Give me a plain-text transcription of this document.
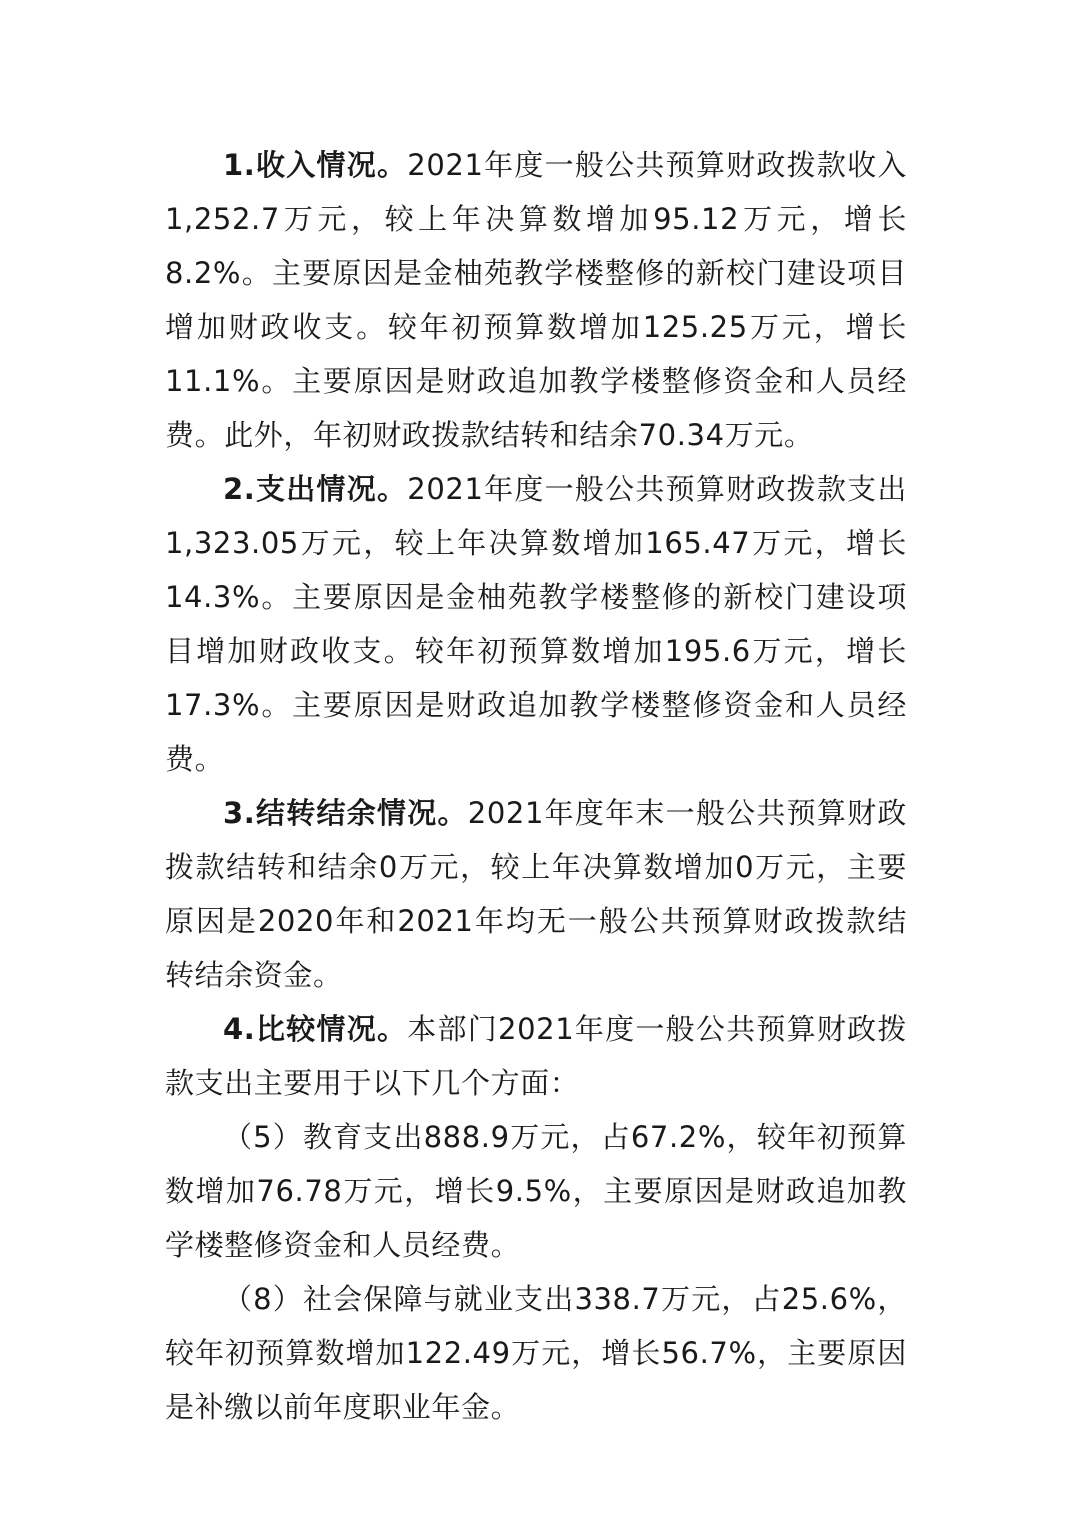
1.收入情况。2021年度一般公共预算财政拨款收入1,252.7万元，较上年决算数增加95.12万元，增长8.2%。主要原因是金柚苑教学楼整修的新校门建设项目增加财政收支。较年初预算数增加125.25万元，增长11.1%。主要原因是财政追加教学楼整修资金和人员经费。此外，年初财政拨款结转和结余70.34万元。

2.支出情况。2021年度一般公共预算财政拨款支出1,323.05万元，较上年决算数增加165.47万元，增长14.3%。主要原因是金柚苑教学楼整修的新校门建设项目增加财政收支。较年初预算数增加195.6万元，增长17.3%。主要原因是财政追加教学楼整修资金和人员经费。

3.结转结余情况。2021年度年末一般公共预算财政拨款结转和结余0万元，较上年决算数增加0万元，主要原因是2020年和2021年均无一般公共预算财政拨款结转结余资金。

4.比较情况。本部门2021年度一般公共预算财政拨款支出主要用于以下几个方面：

（5）教育支出888.9万元，占67.2%，较年初预算数增加76.78万元，增长9.5%，主要原因是财政追加教学楼整修资金和人员经费。

（8）社会保障与就业支出338.7万元，占25.6%，较年初预算数增加122.49万元，增长56.7%，主要原因是补缴以前年度职业年金。
